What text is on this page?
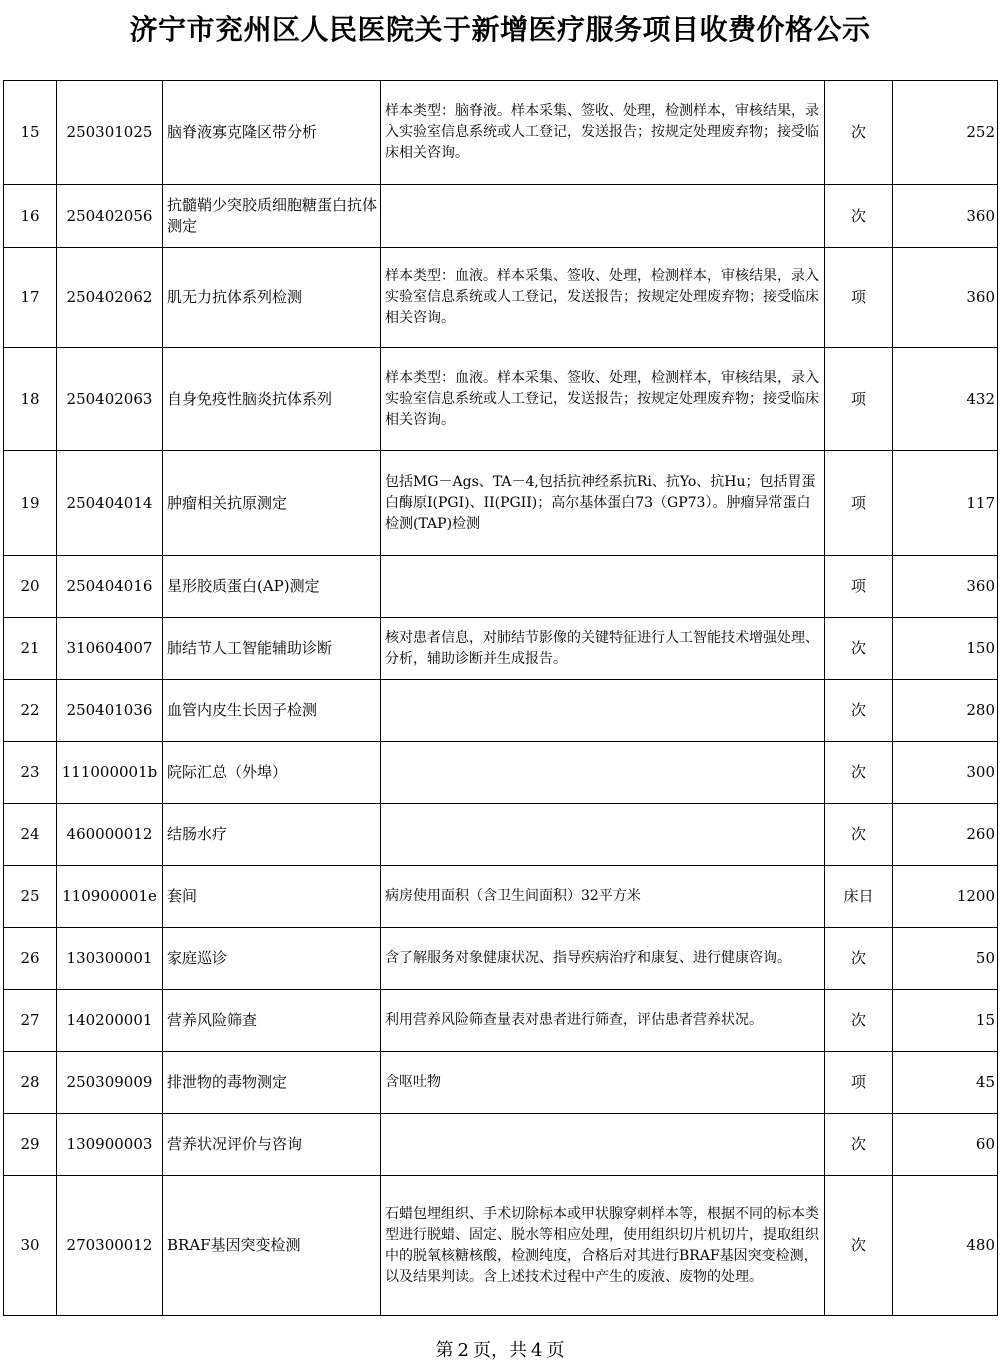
济宁市兖州区人民医院关于新增医疗服务项目收费价格公示
15	250301025	脑脊液寡克隆区带分析	样本类型：脑脊液。样本采集、签收、处理，检测样本，审核结果，录入实验室信息系统或人工登记，发送报告；按规定处理废弃物；接受临床相关咨询。	次	252
16	250402056	抗髓鞘少突胶质细胞糖蛋白抗体测定		次	360
17	250402062	肌无力抗体系列检测	样本类型：血液。样本采集、签收、处理，检测样本，审核结果，录入实验室信息系统或人工登记，发送报告；按规定处理废弃物；接受临床相关咨询。	项	360
18	250402063	自身免疫性脑炎抗体系列	样本类型：血液。样本采集、签收、处理，检测样本，审核结果，录入实验室信息系统或人工登记，发送报告；按规定处理废弃物；接受临床相关咨询。	项	432
19	250404014	肿瘤相关抗原测定	包括MG－Ags、TA－4,包括抗神经系抗Ri、抗Yo、抗Hu；包括胃蛋白酶原I(PGI)、II(PGII)；高尔基体蛋白73（GP73）。肿瘤异常蛋白检测(TAP)检测	项	117
20	250404016	星形胶质蛋白(AP)测定		项	360
21	310604007	肺结节人工智能辅助诊断	核对患者信息，对肺结节影像的关键特征进行人工智能技术增强处理、分析，辅助诊断并生成报告。	次	150
22	250401036	血管内皮生长因子检测		次	280
23	111000001b	院际汇总（外埠）		次	300
24	460000012	结肠水疗		次	260
25	110900001e	套间	病房使用面积（含卫生间面积）32平方米	床日	1200
26	130300001	家庭巡诊	含了解服务对象健康状况、指导疾病治疗和康复、进行健康咨询。	次	50
27	140200001	营养风险筛查	利用营养风险筛查量表对患者进行筛查，评估患者营养状况。	次	15
28	250309009	排泄物的毒物测定	含呕吐物	项	45
29	130900003	营养状况评价与咨询		次	60
30	270300012	BRAF基因突变检测	石蜡包埋组织、手术切除标本或甲状腺穿刺样本等，根据不同的标本类型进行脱蜡、固定、脱水等相应处理，使用组织切片机切片，提取组织中的脱氧核糖核酸，检测纯度，合格后对其进行BRAF基因突变检测，以及结果判读。含上述技术过程中产生的废液、废物的处理。	次	480
第 2 页，共 4 页
